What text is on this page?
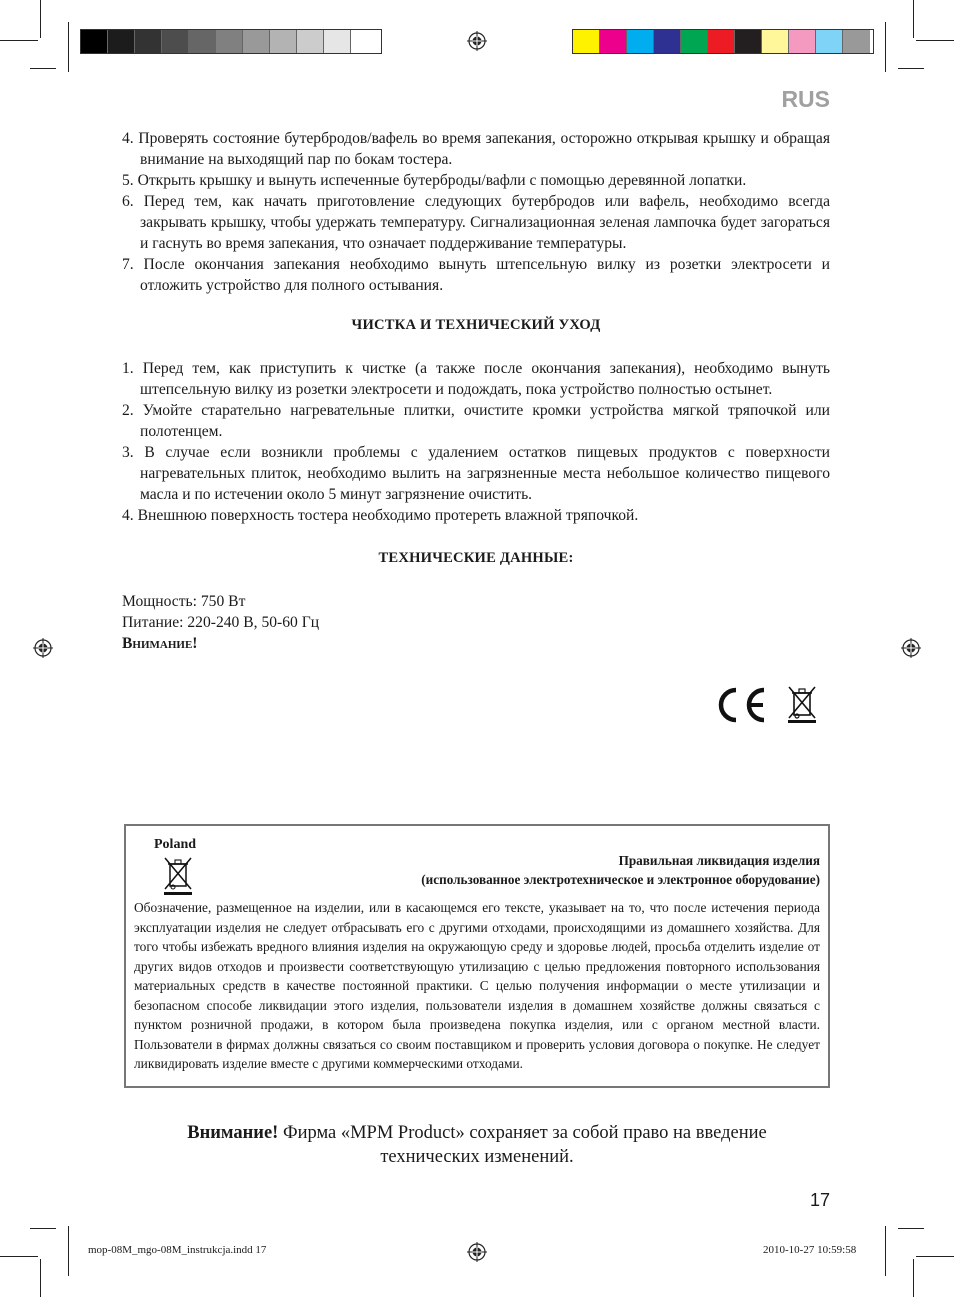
RUS

4. Проверять состояние бутербродов/вафель во время запекания, осторожно открывая крышку и обращая внимание на выходящий пар по бокам тостера.

5. Открыть крышку и вынуть испеченные бутерброды/вафли с помощью деревянной лопатки.

6. Перед тем, как начать приготовление следующих бутербродов или вафель, необходимо всегда закрывать крышку, чтобы удержать температуру. Сигнализационная зеленая лампочка будет загораться и гаснуть во время запекания, что означает поддерживание температуры.

7. После окончания запекания необходимо вынуть штепсельную вилку из розетки электросети и отложить устройство для полного остывания.

ЧИСТКА И ТЕХНИЧЕСКИЙ УХОД

1. Перед тем, как приступить к чистке (а также после окончания запекания), необходимо вынуть штепсельную вилку из розетки электросети и подождать, пока устройство полностью остынет.

2. Умойте старательно нагревательные плитки, очистите кромки устройства мягкой тряпочкой или полотенцем.

3. В случае если возникли проблемы с удалением остатков пищевых продуктов с поверхности нагревательных плиток, необходимо вылить на загрязненные места небольшое количество пищевого масла и по истечении около 5 минут загрязнение очистить.

4. Внешнюю поверхность тостера необходимо протереть влажной тряпочкой.

ТЕХНИЧЕСКИЕ ДАННЫЕ:

Мощность: 750 Вт

Питание: 220-240 В, 50-60 Гц

Внимание!

Poland
Правильная ликвидация изделия
(использованное электротехническое и электронное оборудование)

Обозначение, размещенное на изделии, или в касающемся его тексте, указывает на то, что после истечения периода эксплуатации изделия не следует отбрасывать его с другими отходами, происходящими из домашнего хозяйства. Для того чтобы избежать вредного влияния изделия на окружающую среду и здоровье людей, просьба отделить изделие от других видов отходов и произвести соответствующую утилизацию с целью предложения повторного использования материальных средств в качестве постоянной практики. С целью получения информации о месте утилизации и безопасном способе ликвидации этого изделия, пользователи изделия в домашнем хозяйстве должны связаться с пунктом розничной продажи, в котором была произведена покупка изделия, или с органом местной власти. Пользователи в фирмах должны связаться со своим поставщиком и проверить условия договора о покупке. Не следует ликвидировать изделие вместе с другими коммерческими отходами.

Внимание! Фирма «MPM Product» сохраняет за собой право на введение технических изменений.
17
mop-08M_mgo-08M_instrukcja.indd 17	2010-10-27 10:59:58
